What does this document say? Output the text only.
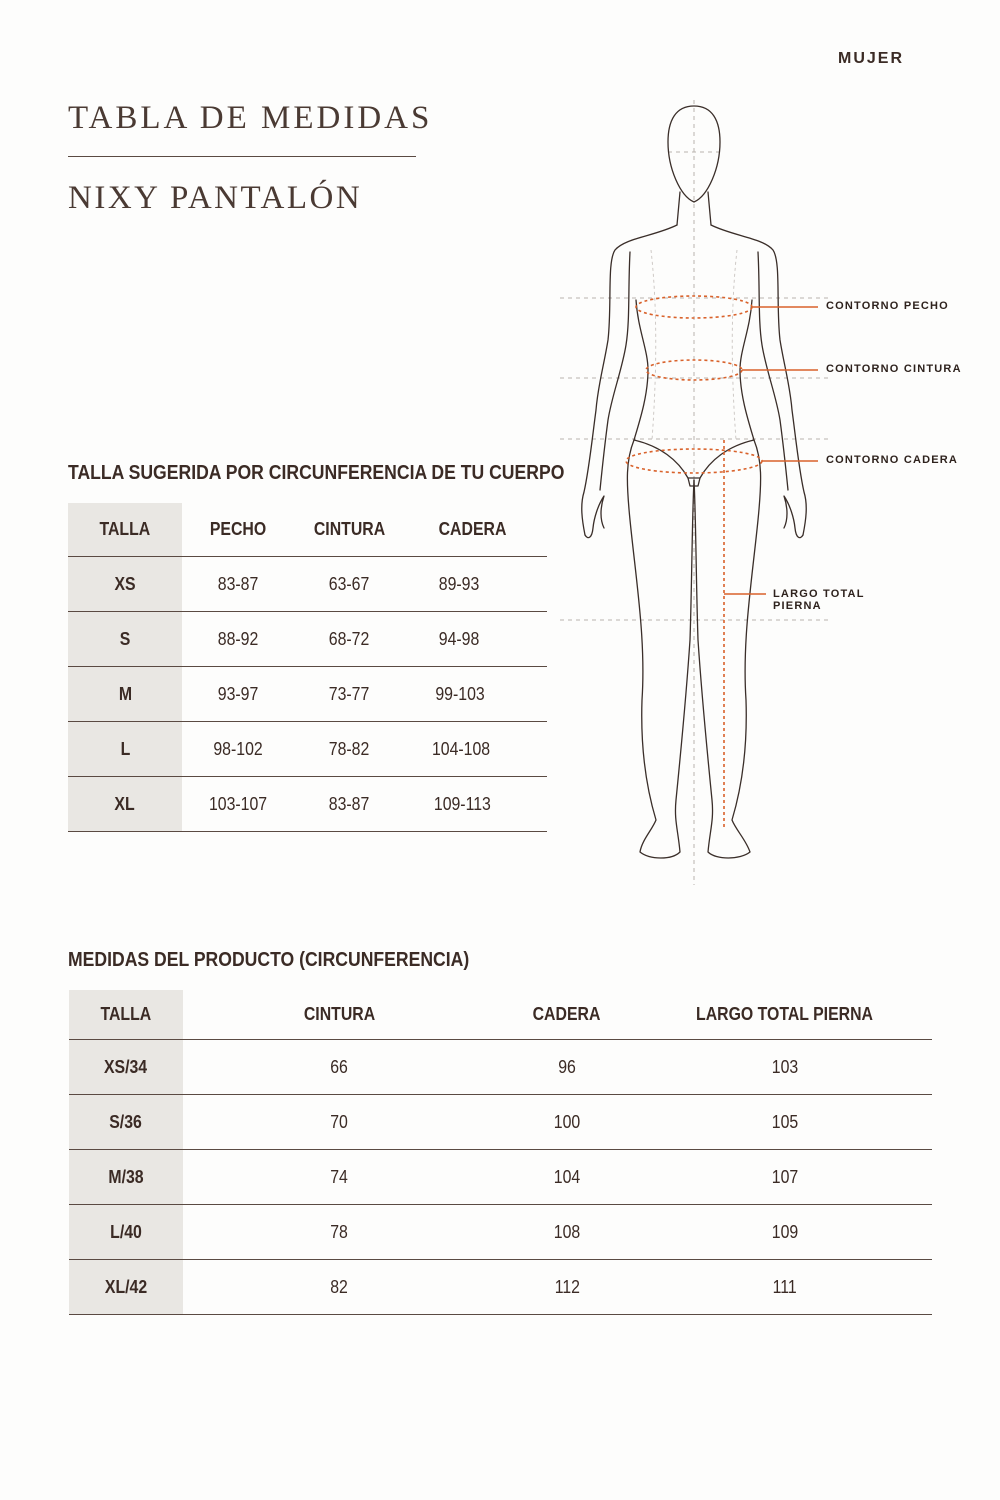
MUJER
TABLA DE MEDIDAS
NIXY PANTALÓN
CONTORNO PECHO
CONTORNO CINTURA
CONTORNO CADERA
LARGO TOTAL
PIERNA
TALLA SUGERIDA POR CIRCUNFERENCIA DE TU CUERPO
TALLA	PECHO	CINTURA	CADERA
XS	83-87	63-67	89-93
S	88-92	68-72	94-98
M	93-97	73-77	99-103
L	98-102	78-82	104-108
XL	103-107	83-87	109-113
MEDIDAS DEL PRODUCTO (CIRCUNFERENCIA)
TALLA	CINTURA	CADERA	LARGO TOTAL PIERNA
XS/34	66	96	103
S/36	70	100	105
M/38	74	104	107
L/40	78	108	109
XL/42	82	112	111
